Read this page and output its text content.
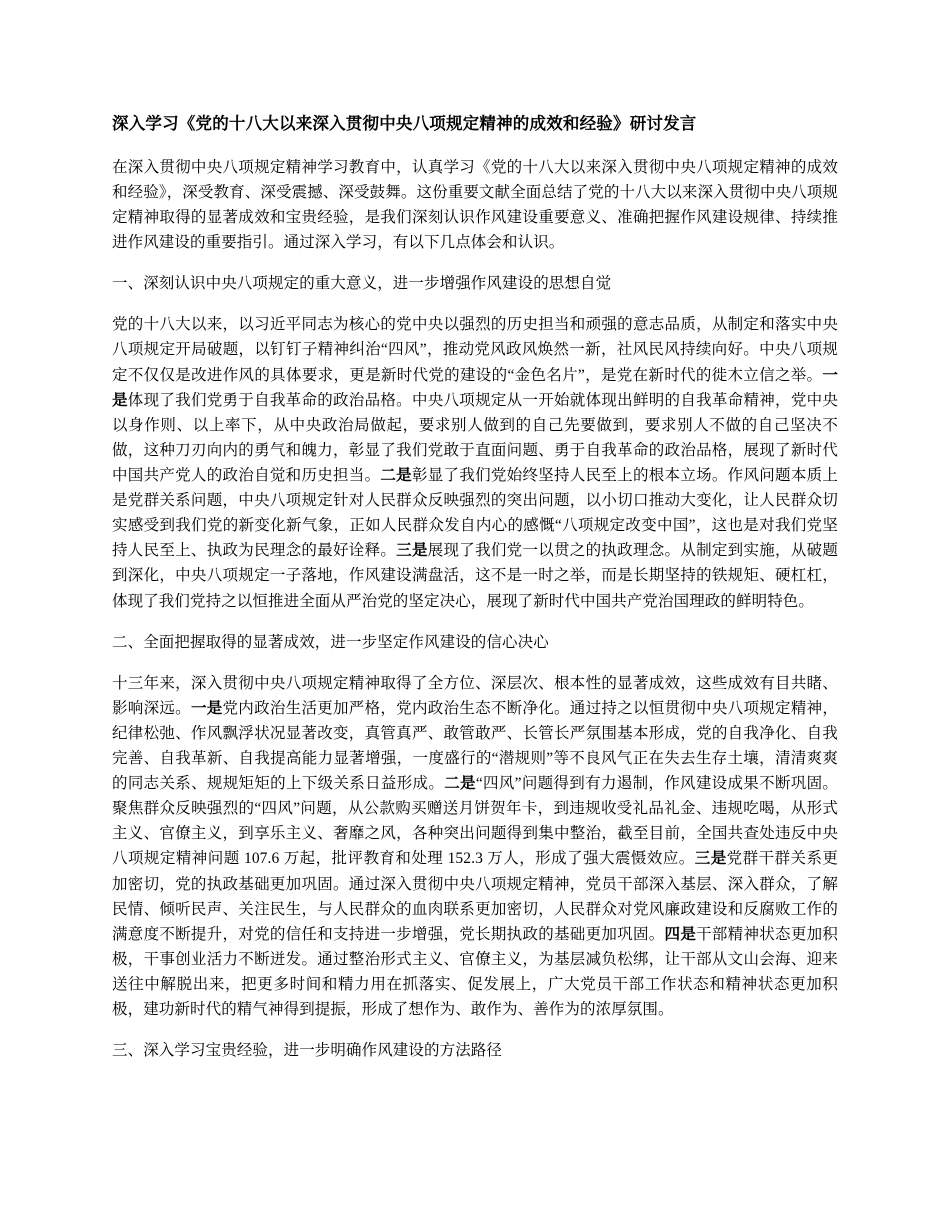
深入学习《党的十八大以来深入贯彻中央八项规定精神的成效和经验》研讨发言

在深入贯彻中央八项规定精神学习教育中，认真学习《党的十八大以来深入贯彻中央八项规定精神的成效和经验》，深受教育、深受震撼、深受鼓舞。这份重要文献全面总结了党的十八大以来深入贯彻中央八项规定精神取得的显著成效和宝贵经验，是我们深刻认识作风建设重要意义、准确把握作风建设规律、持续推进作风建设的重要指引。通过深入学习，有以下几点体会和认识。

一、深刻认识中央八项规定的重大意义，进一步增强作风建设的思想自觉

党的十八大以来，以习近平同志为核心的党中央以强烈的历史担当和顽强的意志品质，从制定和落实中央八项规定开局破题，以钉钉子精神纠治“四风”，推动党风政风焕然一新，社风民风持续向好。中央八项规定不仅仅是改进作风的具体要求，更是新时代党的建设的“金色名片”，是党在新时代的徙木立信之举。一是体现了我们党勇于自我革命的政治品格。中央八项规定从一开始就体现出鲜明的自我革命精神，党中央以身作则、以上率下，从中央政治局做起，要求别人做到的自己先要做到，要求别人不做的自己坚决不做，这种刀刃向内的勇气和魄力，彰显了我们党敢于直面问题、勇于自我革命的政治品格，展现了新时代中国共产党人的政治自觉和历史担当。二是彰显了我们党始终坚持人民至上的根本立场。作风问题本质上是党群关系问题，中央八项规定针对人民群众反映强烈的突出问题，以小切口推动大变化，让人民群众切实感受到我们党的新变化新气象，正如人民群众发自内心的感慨“八项规定改变中国”，这也是对我们党坚持人民至上、执政为民理念的最好诠释。三是展现了我们党一以贯之的执政理念。从制定到实施，从破题到深化，中央八项规定一子落地，作风建设满盘活，这不是一时之举，而是长期坚持的铁规矩、硬杠杠，体现了我们党持之以恒推进全面从严治党的坚定决心，展现了新时代中国共产党治国理政的鲜明特色。

二、全面把握取得的显著成效，进一步坚定作风建设的信心决心

十三年来，深入贯彻中央八项规定精神取得了全方位、深层次、根本性的显著成效，这些成效有目共睹、影响深远。一是党内政治生活更加严格，党内政治生态不断净化。通过持之以恒贯彻中央八项规定精神，纪律松弛、作风飘浮状况显著改变，真管真严、敢管敢严、长管长严氛围基本形成，党的自我净化、自我完善、自我革新、自我提高能力显著增强，一度盛行的“潜规则”等不良风气正在失去生存土壤，清清爽爽的同志关系、规规矩矩的上下级关系日益形成。二是“四风”问题得到有力遏制，作风建设成果不断巩固。聚焦群众反映强烈的“四风”问题，从公款购买赠送月饼贺年卡，到违规收受礼品礼金、违规吃喝，从形式主义、官僚主义，到享乐主义、奢靡之风，各种突出问题得到集中整治，截至目前，全国共查处违反中央八项规定精神问题 107.6 万起，批评教育和处理 152.3 万人，形成了强大震慑效应。三是党群干群关系更加密切，党的执政基础更加巩固。通过深入贯彻中央八项规定精神，党员干部深入基层、深入群众，了解民情、倾听民声、关注民生，与人民群众的血肉联系更加密切，人民群众对党风廉政建设和反腐败工作的满意度不断提升，对党的信任和支持进一步增强，党长期执政的基础更加巩固。四是干部精神状态更加积极，干事创业活力不断迸发。通过整治形式主义、官僚主义，为基层减负松绑，让干部从文山会海、迎来送往中解脱出来，把更多时间和精力用在抓落实、促发展上，广大党员干部工作状态和精神状态更加积极，建功新时代的精气神得到提振，形成了想作为、敢作为、善作为的浓厚氛围。

三、深入学习宝贵经验，进一步明确作风建设的方法路径
